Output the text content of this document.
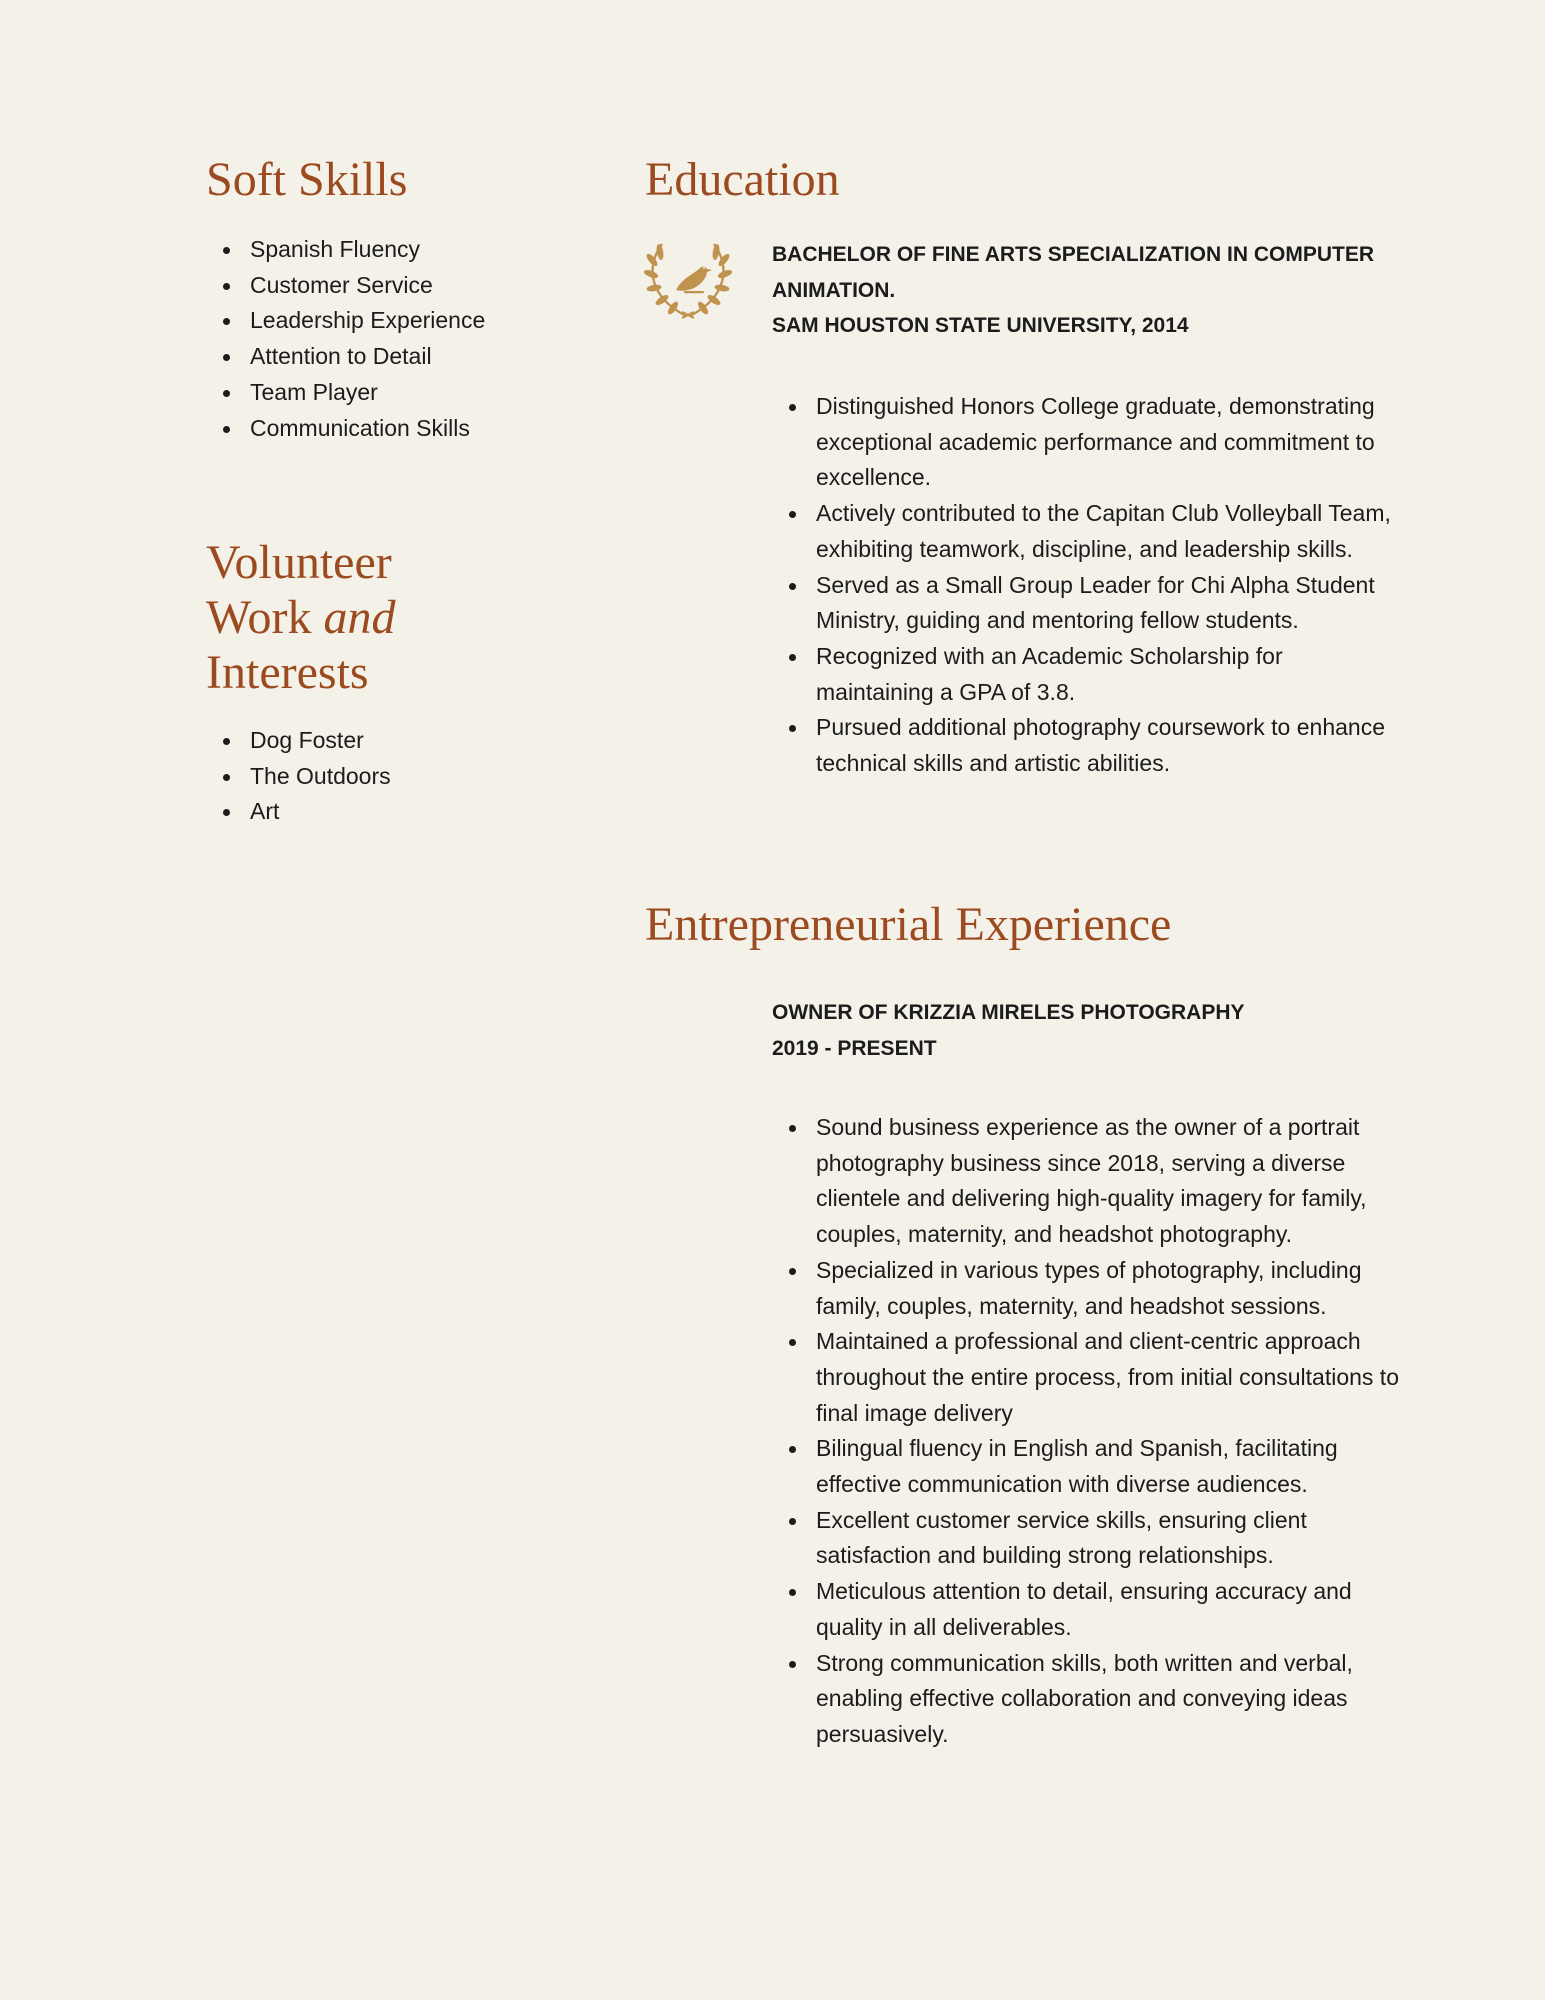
Soft Skills
Spanish Fluency
Customer Service
Leadership Experience
Attention to Detail
Team Player
Communication Skills
Volunteer
Work and
Interests
Dog Foster
The Outdoors
Art
Education
BACHELOR OF FINE ARTS SPECIALIZATION IN COMPUTER
ANIMATION.
SAM HOUSTON STATE UNIVERSITY, 2014
Distinguished Honors College graduate, demonstrating exceptional academic performance and commitment to excellence.
Actively contributed to the Capitan Club Volleyball Team, exhibiting teamwork, discipline, and leadership skills.
Served as a Small Group Leader for Chi Alpha Student Ministry, guiding and mentoring fellow students.
Recognized with an Academic Scholarship for maintaining a GPA of 3.8.
Pursued additional photography coursework to enhance technical skills and artistic abilities.
Entrepreneurial Experience
OWNER OF KRIZZIA MIRELES PHOTOGRAPHY
2019 - PRESENT
Sound business experience as the owner of a portrait photography business since 2018, serving a diverse clientele and delivering high-quality imagery for family, couples, maternity, and headshot photography.
Specialized in various types of photography, including family, couples, maternity, and headshot sessions.
Maintained a professional and client-centric approach throughout the entire process, from initial consultations to final image delivery
Bilingual fluency in English and Spanish, facilitating effective communication with diverse audiences.
Excellent customer service skills, ensuring client satisfaction and building strong relationships.
Meticulous attention to detail, ensuring accuracy and quality in all deliverables.
Strong communication skills, both written and verbal, enabling effective collaboration and conveying ideas persuasively.
